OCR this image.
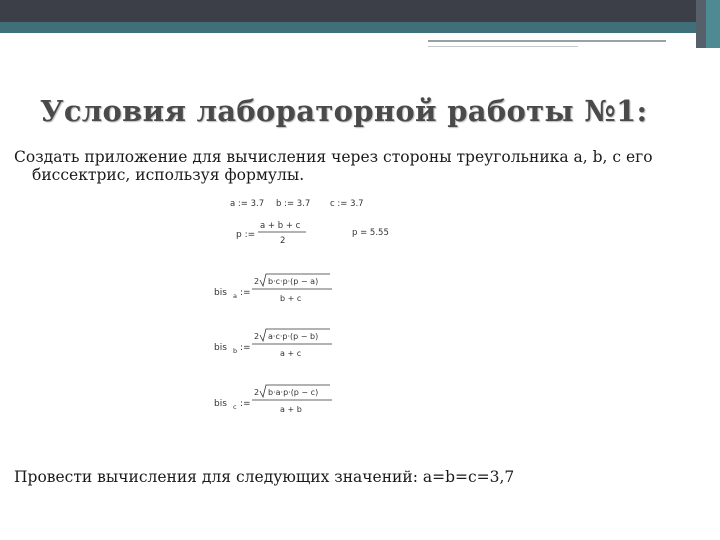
Условия лабораторной работы №1:
Создать приложение для вычисления через стороны треугольника a, b, c его
биссектрис, используя формулы.
a := 3.7 b := 3.7 c := 3.7
p :=
a + b + c
2
p = 5.55
bis a :=
2 b·c·p·(p − a)
b + c
bis b :=
2 a·c·p·(p − b)
a + c
bis c :=
2 b·a·p·(p − c)
a + b
Провести вычисления для следующих значений: a=b=c=3,7
